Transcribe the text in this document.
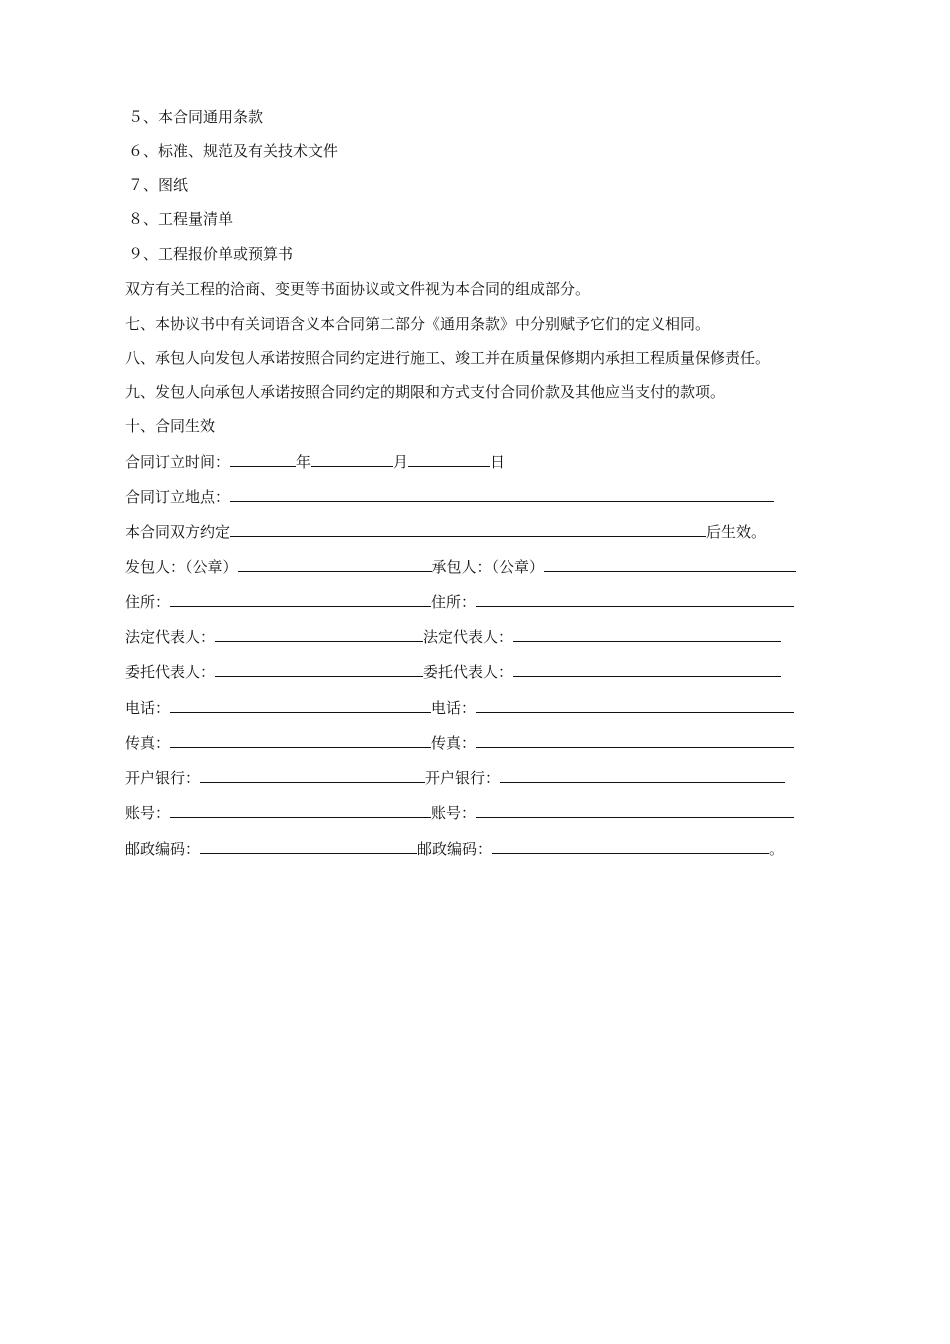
５、本合同通用条款
６、标准、规范及有关技术文件
７、图纸
８、工程量清单
９、工程报价单或预算书
双方有关工程的洽商、变更等书面协议或文件视为本合同的组成部分。
七、本协议书中有关词语含义本合同第二部分《通用条款》中分别赋予它们的定义相同。
八、承包人向发包人承诺按照合同约定进行施工、竣工并在质量保修期内承担工程质量保修责任。
九、发包人向承包人承诺按照合同约定的期限和方式支付合同价款及其他应当支付的款项。
十、合同生效
合同订立时间：	年	月	日
合同订立地点：
本合同双方约定	后生效。
发包人：（公章）	承包人：（公章）
住所：	住所：
法定代表人：	法定代表人：
委托代表人：	委托代表人：
电话：	电话：
传真：	传真：
开户银行：	开户银行：
账号：	账号：
邮政编码：	邮政编码：	。
